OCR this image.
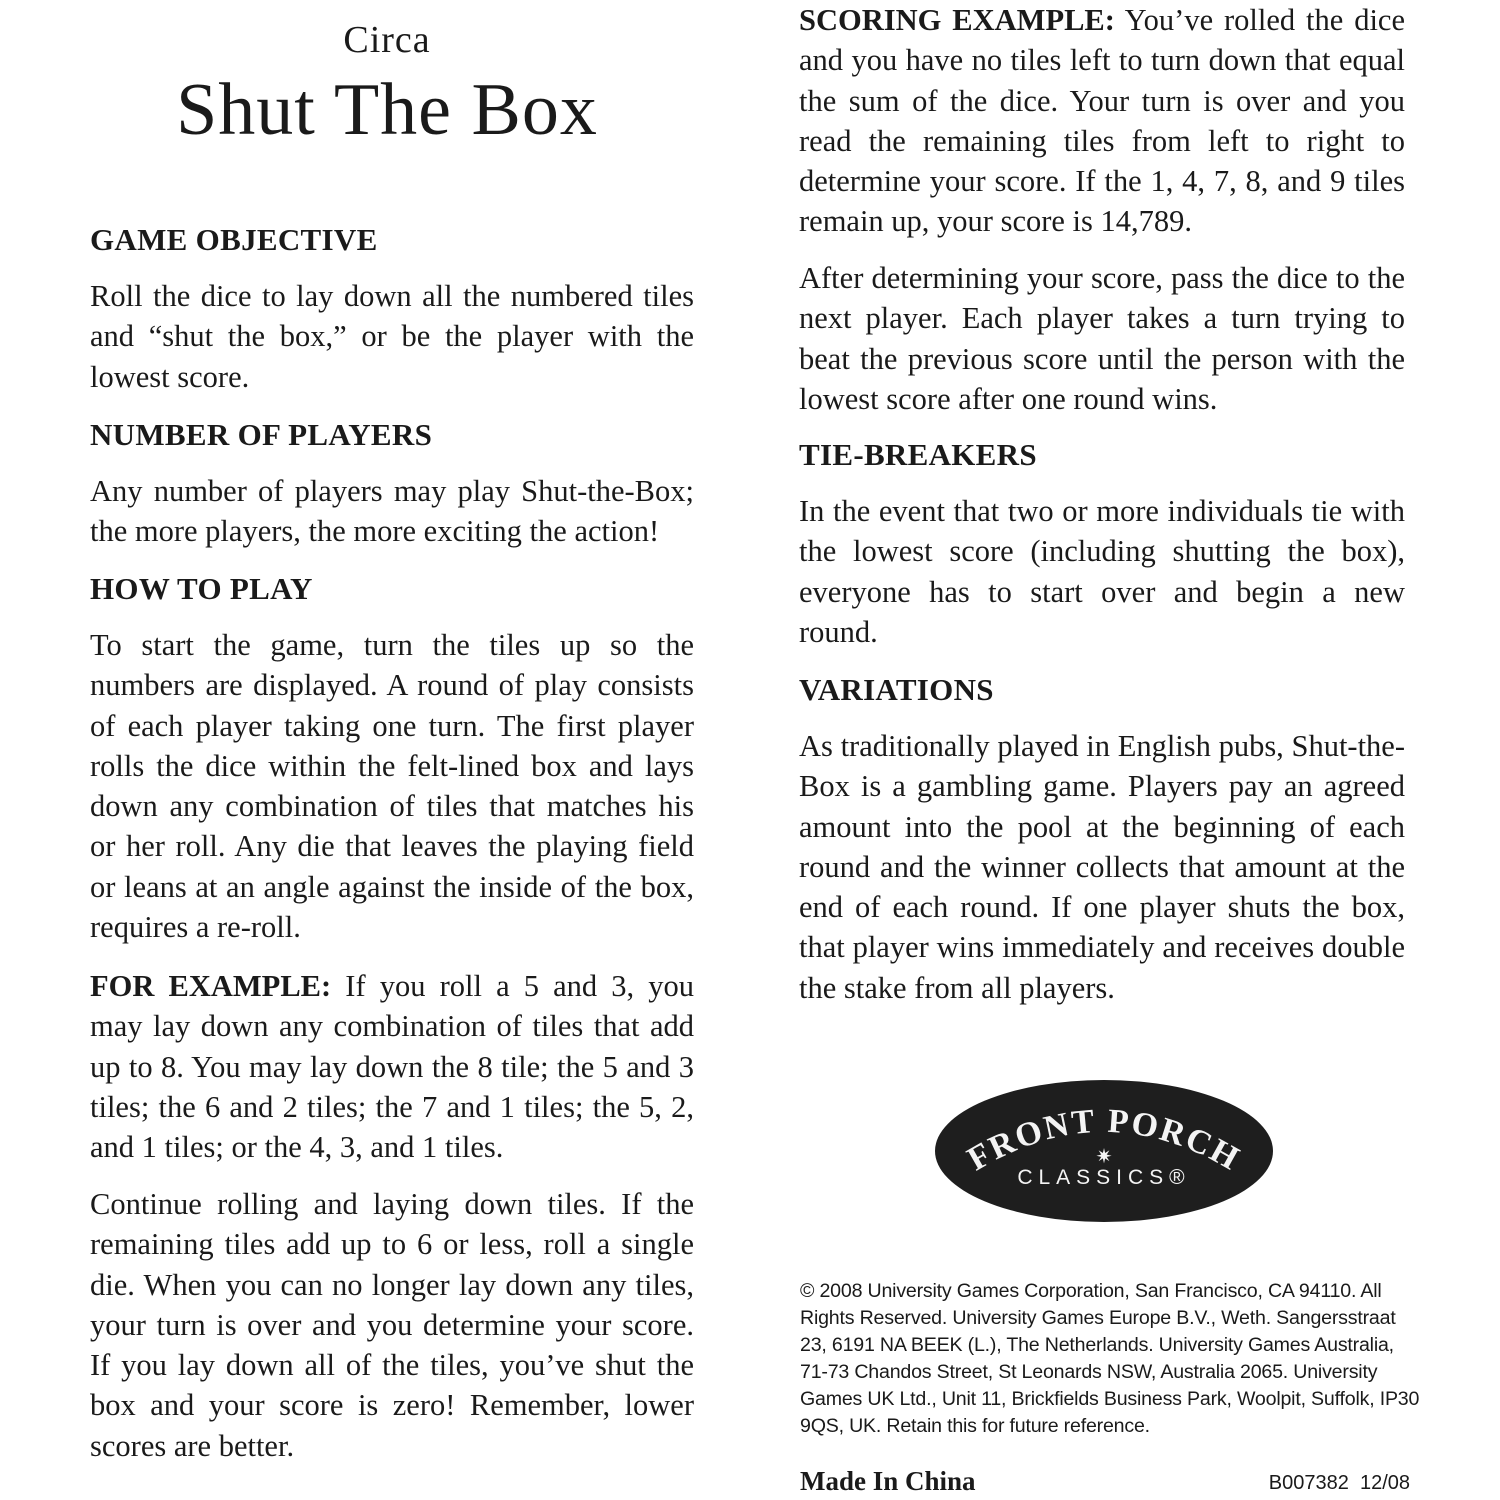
Circa
Shut The Box
GAME OBJECTIVE

Roll the dice to lay down all the numbered tiles and “shut the box,” or be the player with the lowest score.

NUMBER OF PLAYERS

Any number of players may play Shut-the-Box; the more players, the more exciting the action!

HOW TO PLAY

To start the game, turn the tiles up so the numbers are displayed. A round of play consists of each player taking one turn. The first player rolls the dice within the felt-lined box and lays down any combination of tiles that matches his or her roll. Any die that leaves the playing field or leans at an angle against the inside of the box, requires a re-roll.

FOR EXAMPLE: If you roll a 5 and 3, you may lay down any combination of tiles that add up to 8. You may lay down the 8 tile; the 5 and 3 tiles; the 6 and 2 tiles; the 7 and 1 tiles; the 5, 2, and 1 tiles; or the 4, 3, and 1 tiles.

Continue rolling and laying down tiles. If the remaining tiles add up to 6 or less, roll a single die. When you can no longer lay down any tiles, your turn is over and you determine your score. If you lay down all of the tiles, you’ve shut the box and your score is zero! Remember, lower scores are better.

SCORING EXAMPLE: You’ve rolled the dice and you have no tiles left to turn down that equal the sum of the dice. Your turn is over and you read the remaining tiles from left to right to determine your score. If the 1, 4, 7, 8, and 9 tiles remain up, your score is 14,789.

After determining your score, pass the dice to the next player. Each player takes a turn trying to beat the previous score until the person with the lowest score after one round wins.

TIE-BREAKERS

In the event that two or more individuals tie with the lowest score (including shutting the box), everyone has to start over and begin a new round.

VARIATIONS

As traditionally played in English pubs, Shut-the-Box is a gambling game. Players pay an agreed amount into the pool at the beginning of each round and the winner collects that amount at the end of each round. If one player shuts the box, that player wins immediately and receives double the stake from all players.

FRONT PORCH
✷
CLASSICS®
© 2008 University Games Corporation, San Francisco, CA 94110. All Rights Reserved. University Games Europe B.V., Weth. Sangersstraat 23, 6191 NA BEEK (L.), The Netherlands. University Games Australia, 71-73 Chandos Street, St Leonards NSW, Australia 2065. University Games UK Ltd., Unit 11, Brickfields Business Park, Woolpit, Suffolk, IP30 9QS, UK. Retain this for future reference.
Made In China	B007382  12/08
